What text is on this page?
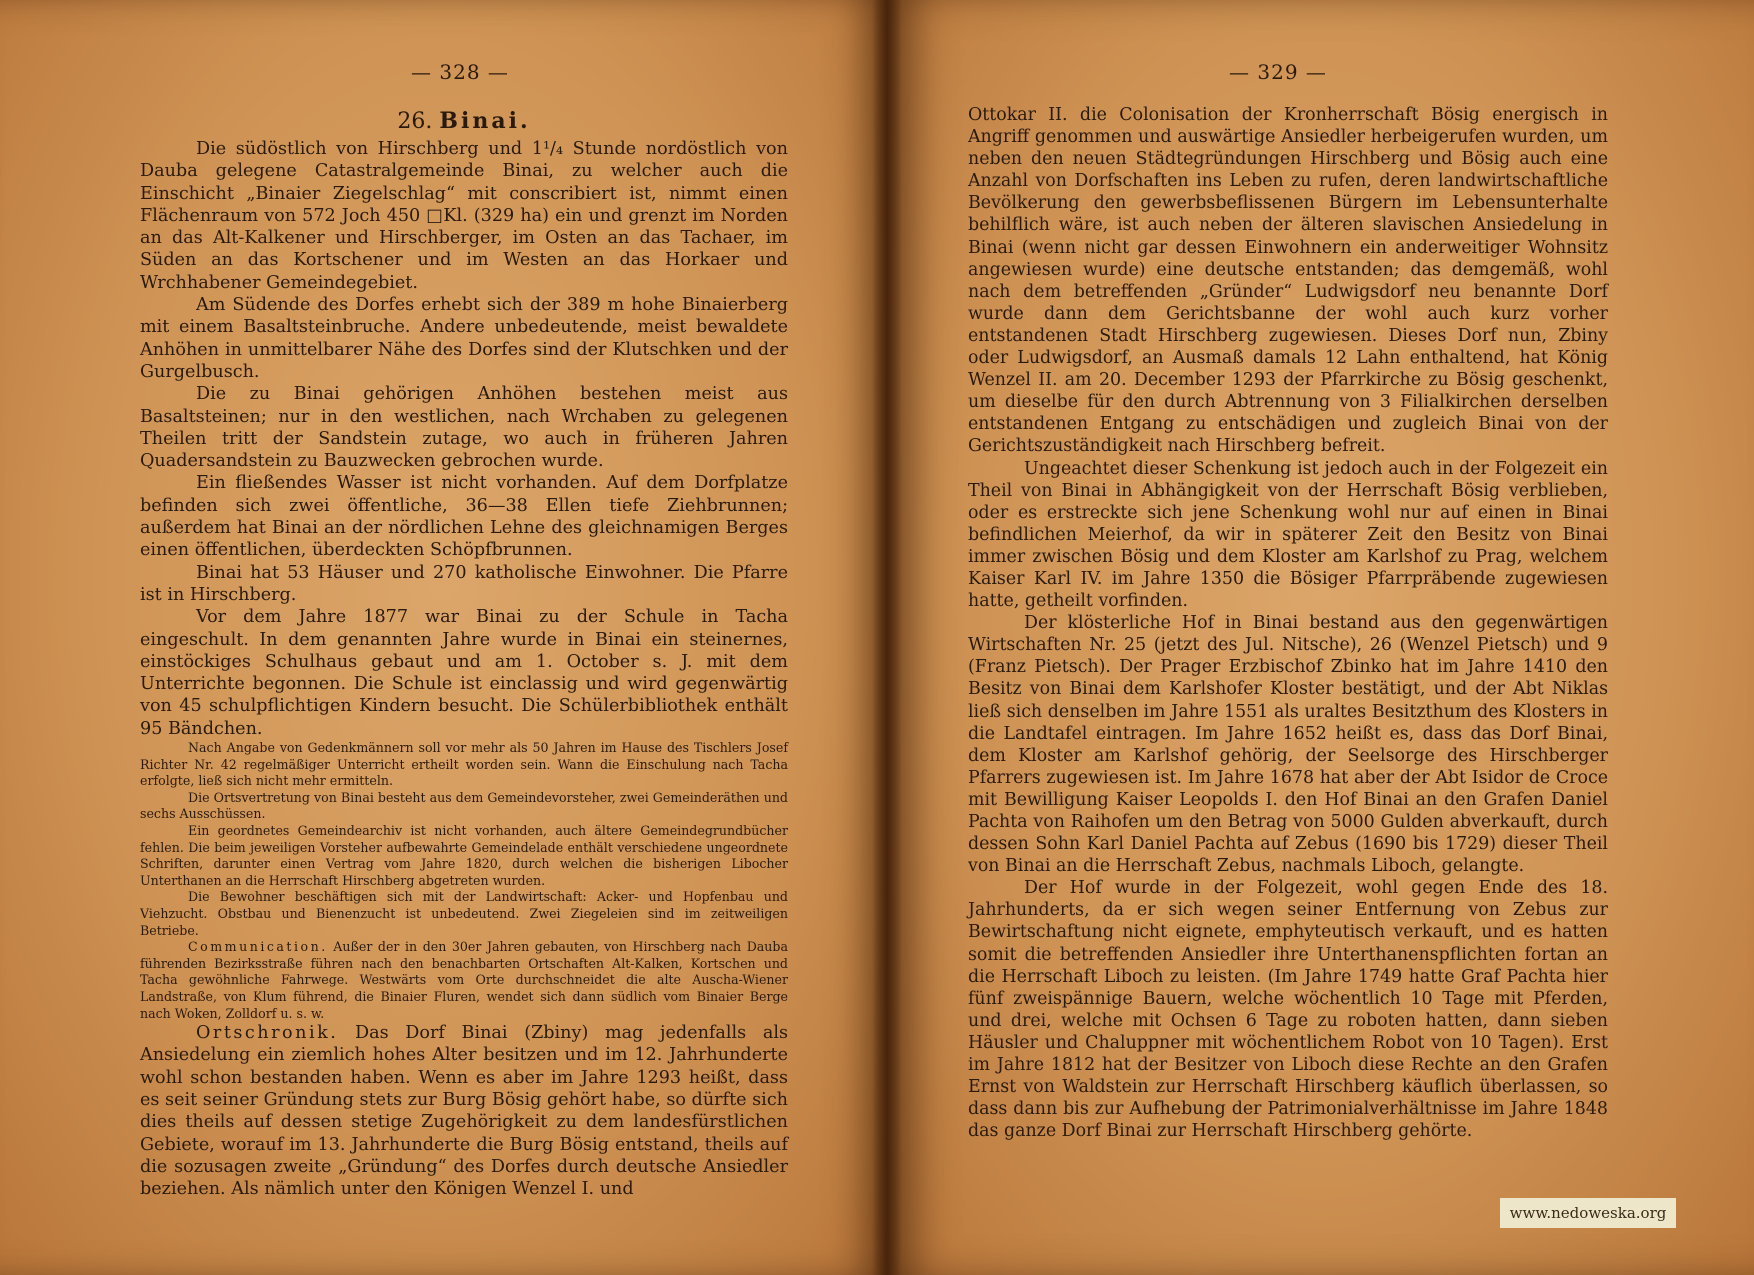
— 328 —
26. Binai.

Die südöstlich von Hirschberg und 1¹/₄ Stunde nordöstlich von Dauba gelegene Catastralgemeinde Binai, zu welcher auch die Einschicht „Binaier Ziegelschlag“ mit conscribiert ist, nimmt einen Flächenraum von 572 Joch 450 □Kl. (329 ha) ein und grenzt im Norden an das Alt-Kalkener und Hirschberger, im Osten an das Tachaer, im Süden an das Kortschener und im Westen an das Horkaer und Wrchhabener Gemeindegebiet.

Am Südende des Dorfes erhebt sich der 389 m hohe Binaierberg mit einem Basaltsteinbruche. Andere unbedeutende, meist bewaldete Anhöhen in unmittelbarer Nähe des Dorfes sind der Klutschken und der Gurgelbusch.

Die zu Binai gehörigen Anhöhen bestehen meist aus Basaltsteinen; nur in den westlichen, nach Wrchaben zu gelegenen Theilen tritt der Sandstein zutage, wo auch in früheren Jahren Quadersandstein zu Bauzwecken gebrochen wurde.

Ein fließendes Wasser ist nicht vorhanden. Auf dem Dorfplatze befinden sich zwei öffentliche, 36—38 Ellen tiefe Ziehbrunnen; außerdem hat Binai an der nördlichen Lehne des gleichnamigen Berges einen öffentlichen, überdeckten Schöpfbrunnen.

Binai hat 53 Häuser und 270 katholische Einwohner. Die Pfarre ist in Hirschberg.

Vor dem Jahre 1877 war Binai zu der Schule in Tacha eingeschult. In dem genannten Jahre wurde in Binai ein steinernes, einstöckiges Schulhaus gebaut und am 1. October s. J. mit dem Unterrichte begonnen. Die Schule ist einclassig und wird gegenwärtig von 45 schulpflichtigen Kindern besucht. Die Schülerbibliothek enthält 95 Bändchen.

Nach Angabe von Gedenkmännern soll vor mehr als 50 Jahren im Hause des Tischlers Josef Richter Nr. 42 regelmäßiger Unterricht ertheilt worden sein. Wann die Einschulung nach Tacha erfolgte, ließ sich nicht mehr ermitteln.

Die Ortsvertretung von Binai besteht aus dem Gemeindevorsteher, zwei Gemeinderäthen und sechs Ausschüssen.

Ein geordnetes Gemeindearchiv ist nicht vorhanden, auch ältere Gemeindegrundbücher fehlen. Die beim jeweiligen Vorsteher aufbewahrte Gemeindelade enthält verschiedene ungeordnete Schriften, darunter einen Vertrag vom Jahre 1820, durch welchen die bisherigen Libocher Unterthanen an die Herrschaft Hirschberg abgetreten wurden.

Die Bewohner beschäftigen sich mit der Landwirtschaft: Acker- und Hopfenbau und Viehzucht. Obstbau und Bienenzucht ist unbedeutend. Zwei Ziegeleien sind im zeitweiligen Betriebe.

Communication. Außer der in den 30er Jahren gebauten, von Hirschberg nach Dauba führenden Bezirksstraße führen nach den benachbarten Ortschaften Alt-Kalken, Kortschen und Tacha gewöhnliche Fahrwege. Westwärts vom Orte durchschneidet die alte Auscha-Wiener Landstraße, von Klum führend, die Binaier Fluren, wendet sich dann südlich vom Binaier Berge nach Woken, Zolldorf u. s. w.

Ortschronik. Das Dorf Binai (Zbiny) mag jedenfalls als Ansiedelung ein ziemlich hohes Alter besitzen und im 12. Jahrhunderte wohl schon bestanden haben. Wenn es aber im Jahre 1293 heißt, dass es seit seiner Gründung stets zur Burg Bösig gehört habe, so dürfte sich dies theils auf dessen stetige Zugehörigkeit zu dem landesfürstlichen Gebiete, worauf im 13. Jahrhunderte die Burg Bösig entstand, theils auf die sozusagen zweite „Gründung“ des Dorfes durch deutsche Ansiedler beziehen. Als nämlich unter den Königen Wenzel I. und

— 329 —

Ottokar II. die Colonisation der Kronherrschaft Bösig energisch in Angriff genommen und auswärtige Ansiedler herbeigerufen wurden, um neben den neuen Städtegründungen Hirschberg und Bösig auch eine Anzahl von Dorfschaften ins Leben zu rufen, deren landwirtschaftliche Bevölkerung den gewerbsbeflissenen Bürgern im Lebensunterhalte behilflich wäre, ist auch neben der älteren slavischen Ansiedelung in Binai (wenn nicht gar dessen Einwohnern ein anderweitiger Wohnsitz angewiesen wurde) eine deutsche entstanden; das demgemäß, wohl nach dem betreffenden „Gründer“ Ludwigsdorf neu benannte Dorf wurde dann dem Gerichtsbanne der wohl auch kurz vorher entstandenen Stadt Hirschberg zugewiesen. Dieses Dorf nun, Zbiny oder Ludwigsdorf, an Ausmaß damals 12 Lahn enthaltend, hat König Wenzel II. am 20. December 1293 der Pfarrkirche zu Bösig geschenkt, um dieselbe für den durch Abtrennung von 3 Filialkirchen derselben entstandenen Entgang zu entschädigen und zugleich Binai von der Gerichtszuständigkeit nach Hirschberg befreit.

Ungeachtet dieser Schenkung ist jedoch auch in der Folgezeit ein Theil von Binai in Abhängigkeit von der Herrschaft Bösig verblieben, oder es erstreckte sich jene Schenkung wohl nur auf einen in Binai befindlichen Meierhof, da wir in späterer Zeit den Besitz von Binai immer zwischen Bösig und dem Kloster am Karlshof zu Prag, welchem Kaiser Karl IV. im Jahre 1350 die Bösiger Pfarrpräbende zugewiesen hatte, getheilt vorfinden.

Der klösterliche Hof in Binai bestand aus den gegenwärtigen Wirtschaften Nr. 25 (jetzt des Jul. Nitsche), 26 (Wenzel Pietsch) und 9 (Franz Pietsch). Der Prager Erzbischof Zbinko hat im Jahre 1410 den Besitz von Binai dem Karlshofer Kloster bestätigt, und der Abt Niklas ließ sich denselben im Jahre 1551 als uraltes Besitzthum des Klosters in die Landtafel eintragen. Im Jahre 1652 heißt es, dass das Dorf Binai, dem Kloster am Karlshof gehörig, der Seelsorge des Hirschberger Pfarrers zugewiesen ist. Im Jahre 1678 hat aber der Abt Isidor de Croce mit Bewilligung Kaiser Leopolds I. den Hof Binai an den Grafen Daniel Pachta von Raihofen um den Betrag von 5000 Gulden abverkauft, durch dessen Sohn Karl Daniel Pachta auf Zebus (1690 bis 1729) dieser Theil von Binai an die Herrschaft Zebus, nachmals Liboch, gelangte.

Der Hof wurde in der Folgezeit, wohl gegen Ende des 18. Jahrhunderts, da er sich wegen seiner Entfernung von Zebus zur Bewirtschaftung nicht eignete, emphyteutisch verkauft, und es hatten somit die betreffenden Ansiedler ihre Unterthanenspflichten fortan an die Herrschaft Liboch zu leisten. (Im Jahre 1749 hatte Graf Pachta hier fünf zweispännige Bauern, welche wöchentlich 10 Tage mit Pferden, und drei, welche mit Ochsen 6 Tage zu roboten hatten, dann sieben Häusler und Chaluppner mit wöchentlichem Robot von 10 Tagen). Erst im Jahre 1812 hat der Besitzer von Liboch diese Rechte an den Grafen Ernst von Waldstein zur Herrschaft Hirschberg käuflich überlassen, so dass dann bis zur Aufhebung der Patrimonialverhältnisse im Jahre 1848 das ganze Dorf Binai zur Herrschaft Hirschberg gehörte.

www.nedoweska.org
